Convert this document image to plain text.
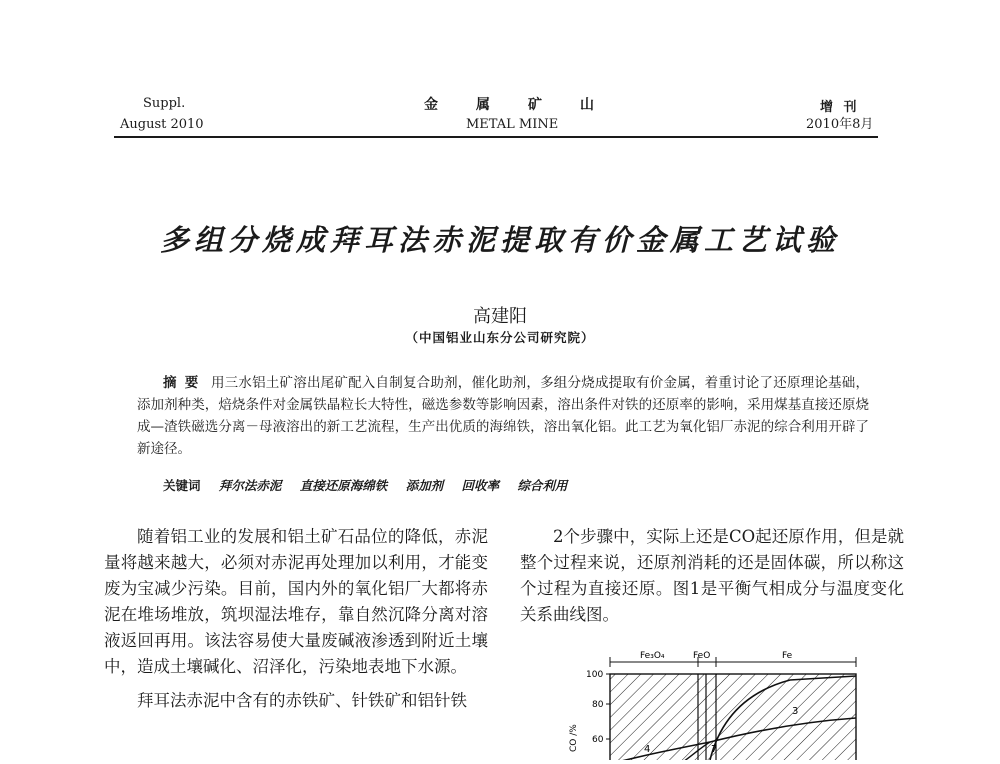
Suppl.
August 2010
金属矿山
METAL MINE
增 刊
2010年8月
多组分烧成拜耳法赤泥提取有价金属工艺试验
高建阳
（中国铝业山东分公司研究院）
摘要 用三水铝土矿溶出尾矿配入自制复合助剂，催化助剂，多组分烧成提取有价金属，着重讨论了还原理论基础，添加剂种类，焙烧条件对金属铁晶粒长大特性，磁选参数等影响因素，溶出条件对铁的还原率的影响，采用煤基直接还原烧成—渣铁磁选分离－母液溶出的新工艺流程，生产出优质的海绵铁，溶出氧化铝。此工艺为氧化铝厂赤泥的综合利用开辟了新途径。
关键词 拜尔法赤泥 直接还原海绵铁 添加剂 回收率 综合利用

随着铝工业的发展和铝土矿石品位的降低，赤泥量将越来越大，必须对赤泥再处理加以利用，才能变废为宝减少污染。目前，国内外的氧化铝厂大都将赤泥在堆场堆放，筑坝湿法堆存，靠自然沉降分离对溶液返回再用。该法容易使大量废碱液渗透到附近土壤中，造成土壤碱化、沼泽化，污染地表地下水源。

拜耳法赤泥中含有的赤铁矿、针铁矿和铝针铁

2个步骤中，实际上还是CO起还原作用，但是就整个过程来说，还原剂消耗的还是固体碳，所以称这个过程为直接还原。图1是平衡气相成分与温度变化关系曲线图。

Fe₃O₄	FeO	Fe
100
80
60
CO /%
3
4	7
